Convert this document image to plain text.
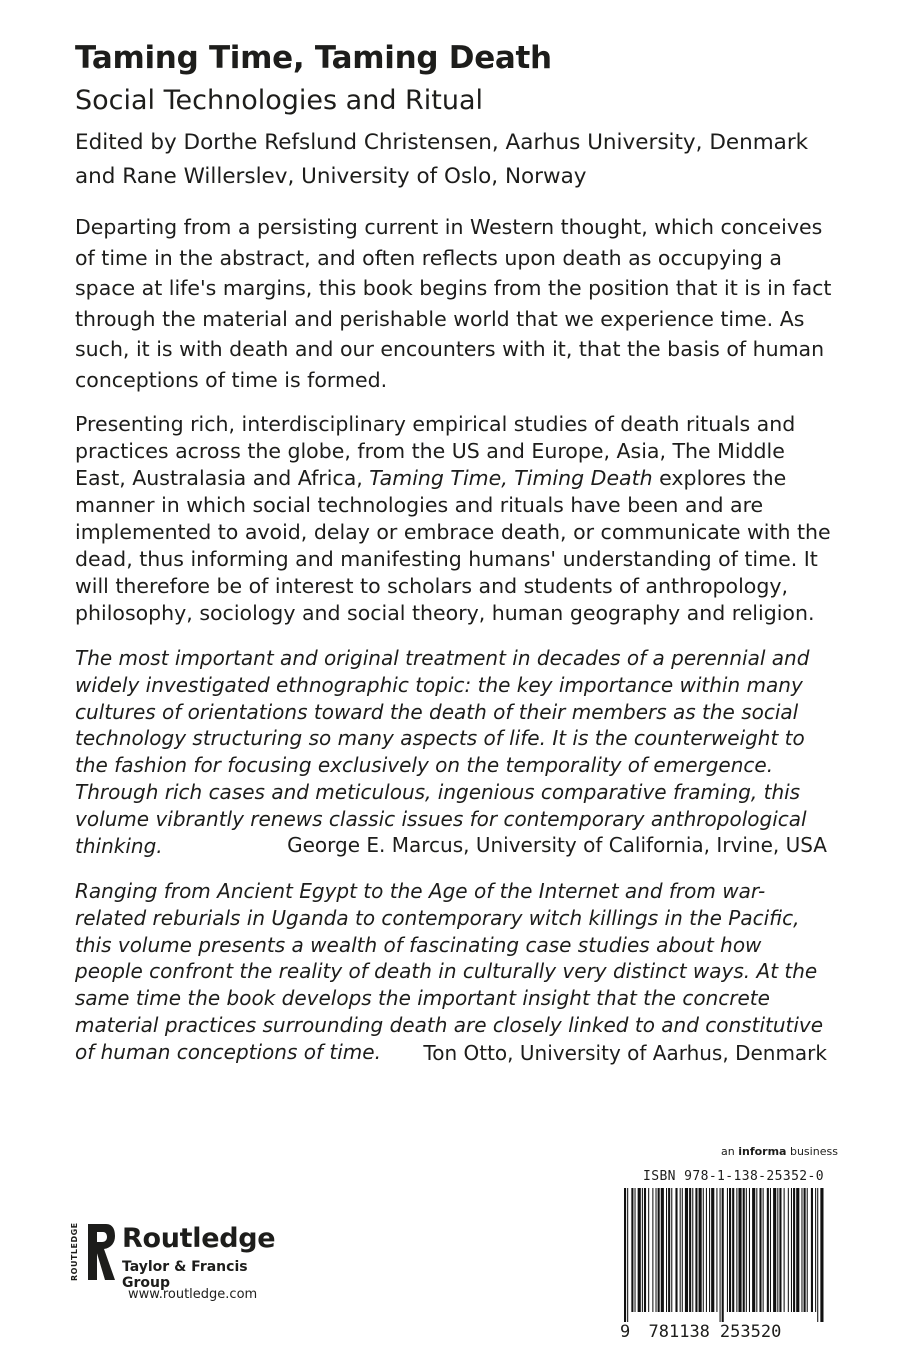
Taming Time, Taming Death
Social Technologies and Ritual
Edited by Dorthe Refslund Christensen, Aarhus University, Denmark
and Rane Willerslev, University of Oslo, Norway

Departing from a persisting current in Western thought, which conceives of time in the abstract, and often reflects upon death as occupying a space at life's margins, this book begins from the position that it is in fact through the material and perishable world that we experience time. As such, it is with death and our encounters with it, that the basis of human conceptions of time is formed.

Presenting rich, interdisciplinary empirical studies of death rituals and practices across the globe, from the US and Europe, Asia, The Middle East, Australasia and Africa, Taming Time, Timing Death explores the manner in which social technologies and rituals have been and are implemented to avoid, delay or embrace death, or communicate with the dead, thus informing and manifesting humans' understanding of time. It will therefore be of interest to scholars and students of anthropology, philosophy, sociology and social theory, human geography and religion.

The most important and original treatment in decades of a perennial and widely investigated ethnographic topic: the key importance within many cultures of orientations toward the death of their members as the social technology structuring so many aspects of life. It is the counterweight to the fashion for focusing exclusively on the temporality of emergence. Through rich cases and meticulous, ingenious comparative framing, this volume vibrantly renews classic issues for contemporary anthropological thinking.	George E. Marcus, University of California, Irvine, USA

Ranging from Ancient Egypt to the Age of the Internet and from war-related reburials in Uganda to contemporary witch killings in the Pacific, this volume presents a wealth of fascinating case studies about how people confront the reality of death in culturally very distinct ways. At the same time the book develops the important insight that the concrete material practices surrounding death are closely linked to and constitutive of human conceptions of time.	Ton Otto, University of Aarhus, Denmark

ROUTLEDGE Routledge
Taylor & Francis Group
www.routledge.com
an informa business
ISBN 978-1-138-25352-0
9 781138 253520
